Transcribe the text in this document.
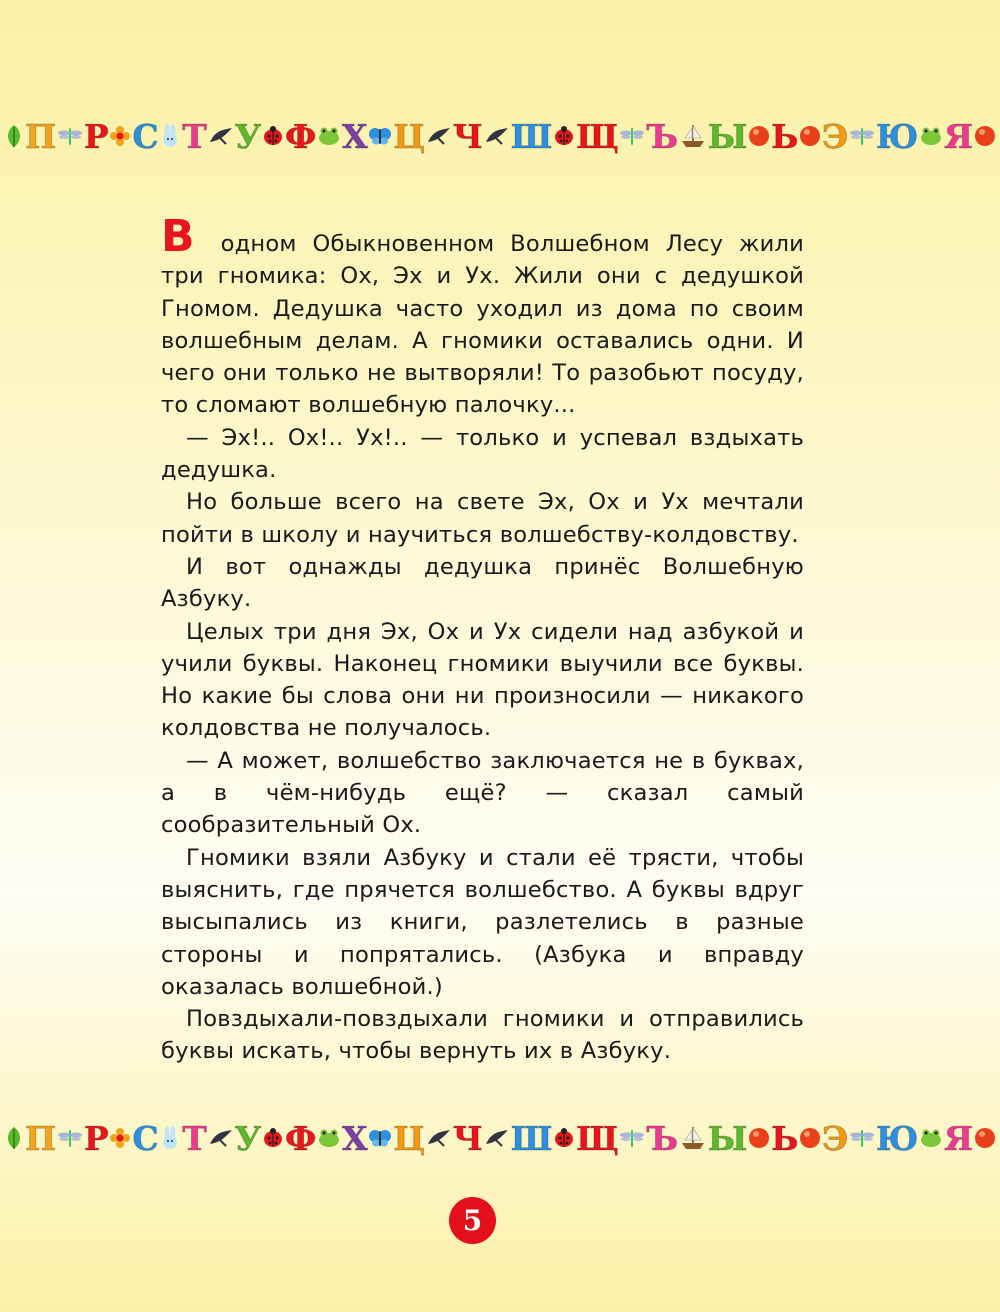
П Р С Т У Ф Х Ц Ч Ш Щ Ъ Ы Ь Э Ю Я

В одном Обыкновенном Волшебном Лесу жили три гномика: Ох, Эх и Ух. Жили они с дедушкой Гномом. Дедушка часто уходил из дома по своим волшебным делам. А гномики оставались одни. И чего они только не вытворяли! То разобьют посуду, то сломают волшебную палочку...

— Эх!.. Ох!.. Ух!.. — только и успевал вздыхать дедушка.

Но больше всего на свете Эх, Ох и Ух мечтали пойти в школу и научиться волшебству-колдовству.

И вот однажды дедушка принёс Волшебную Азбуку.

Целых три дня Эх, Ох и Ух сидели над азбукой и учили буквы. Наконец гномики выучили все буквы. Но какие бы слова они ни произносили — никакого колдовства не получалось.

— А может, волшебство заключается не в буквах, а в чём-нибудь ещё? — сказал самый сообразительный Ох.

Гномики взяли Азбуку и стали её трясти, чтобы выяснить, где прячется волшебство. А буквы вдруг высыпались из книги, разлетелись в разные стороны и попрятались. (Азбука и вправду оказалась волшебной.)

Повздыхали-повздыхали гномики и отправились буквы искать, чтобы вернуть их в Азбуку.

П Р С Т У Ф Х Ц Ч Ш Щ Ъ Ы Ь Э Ю Я
5
